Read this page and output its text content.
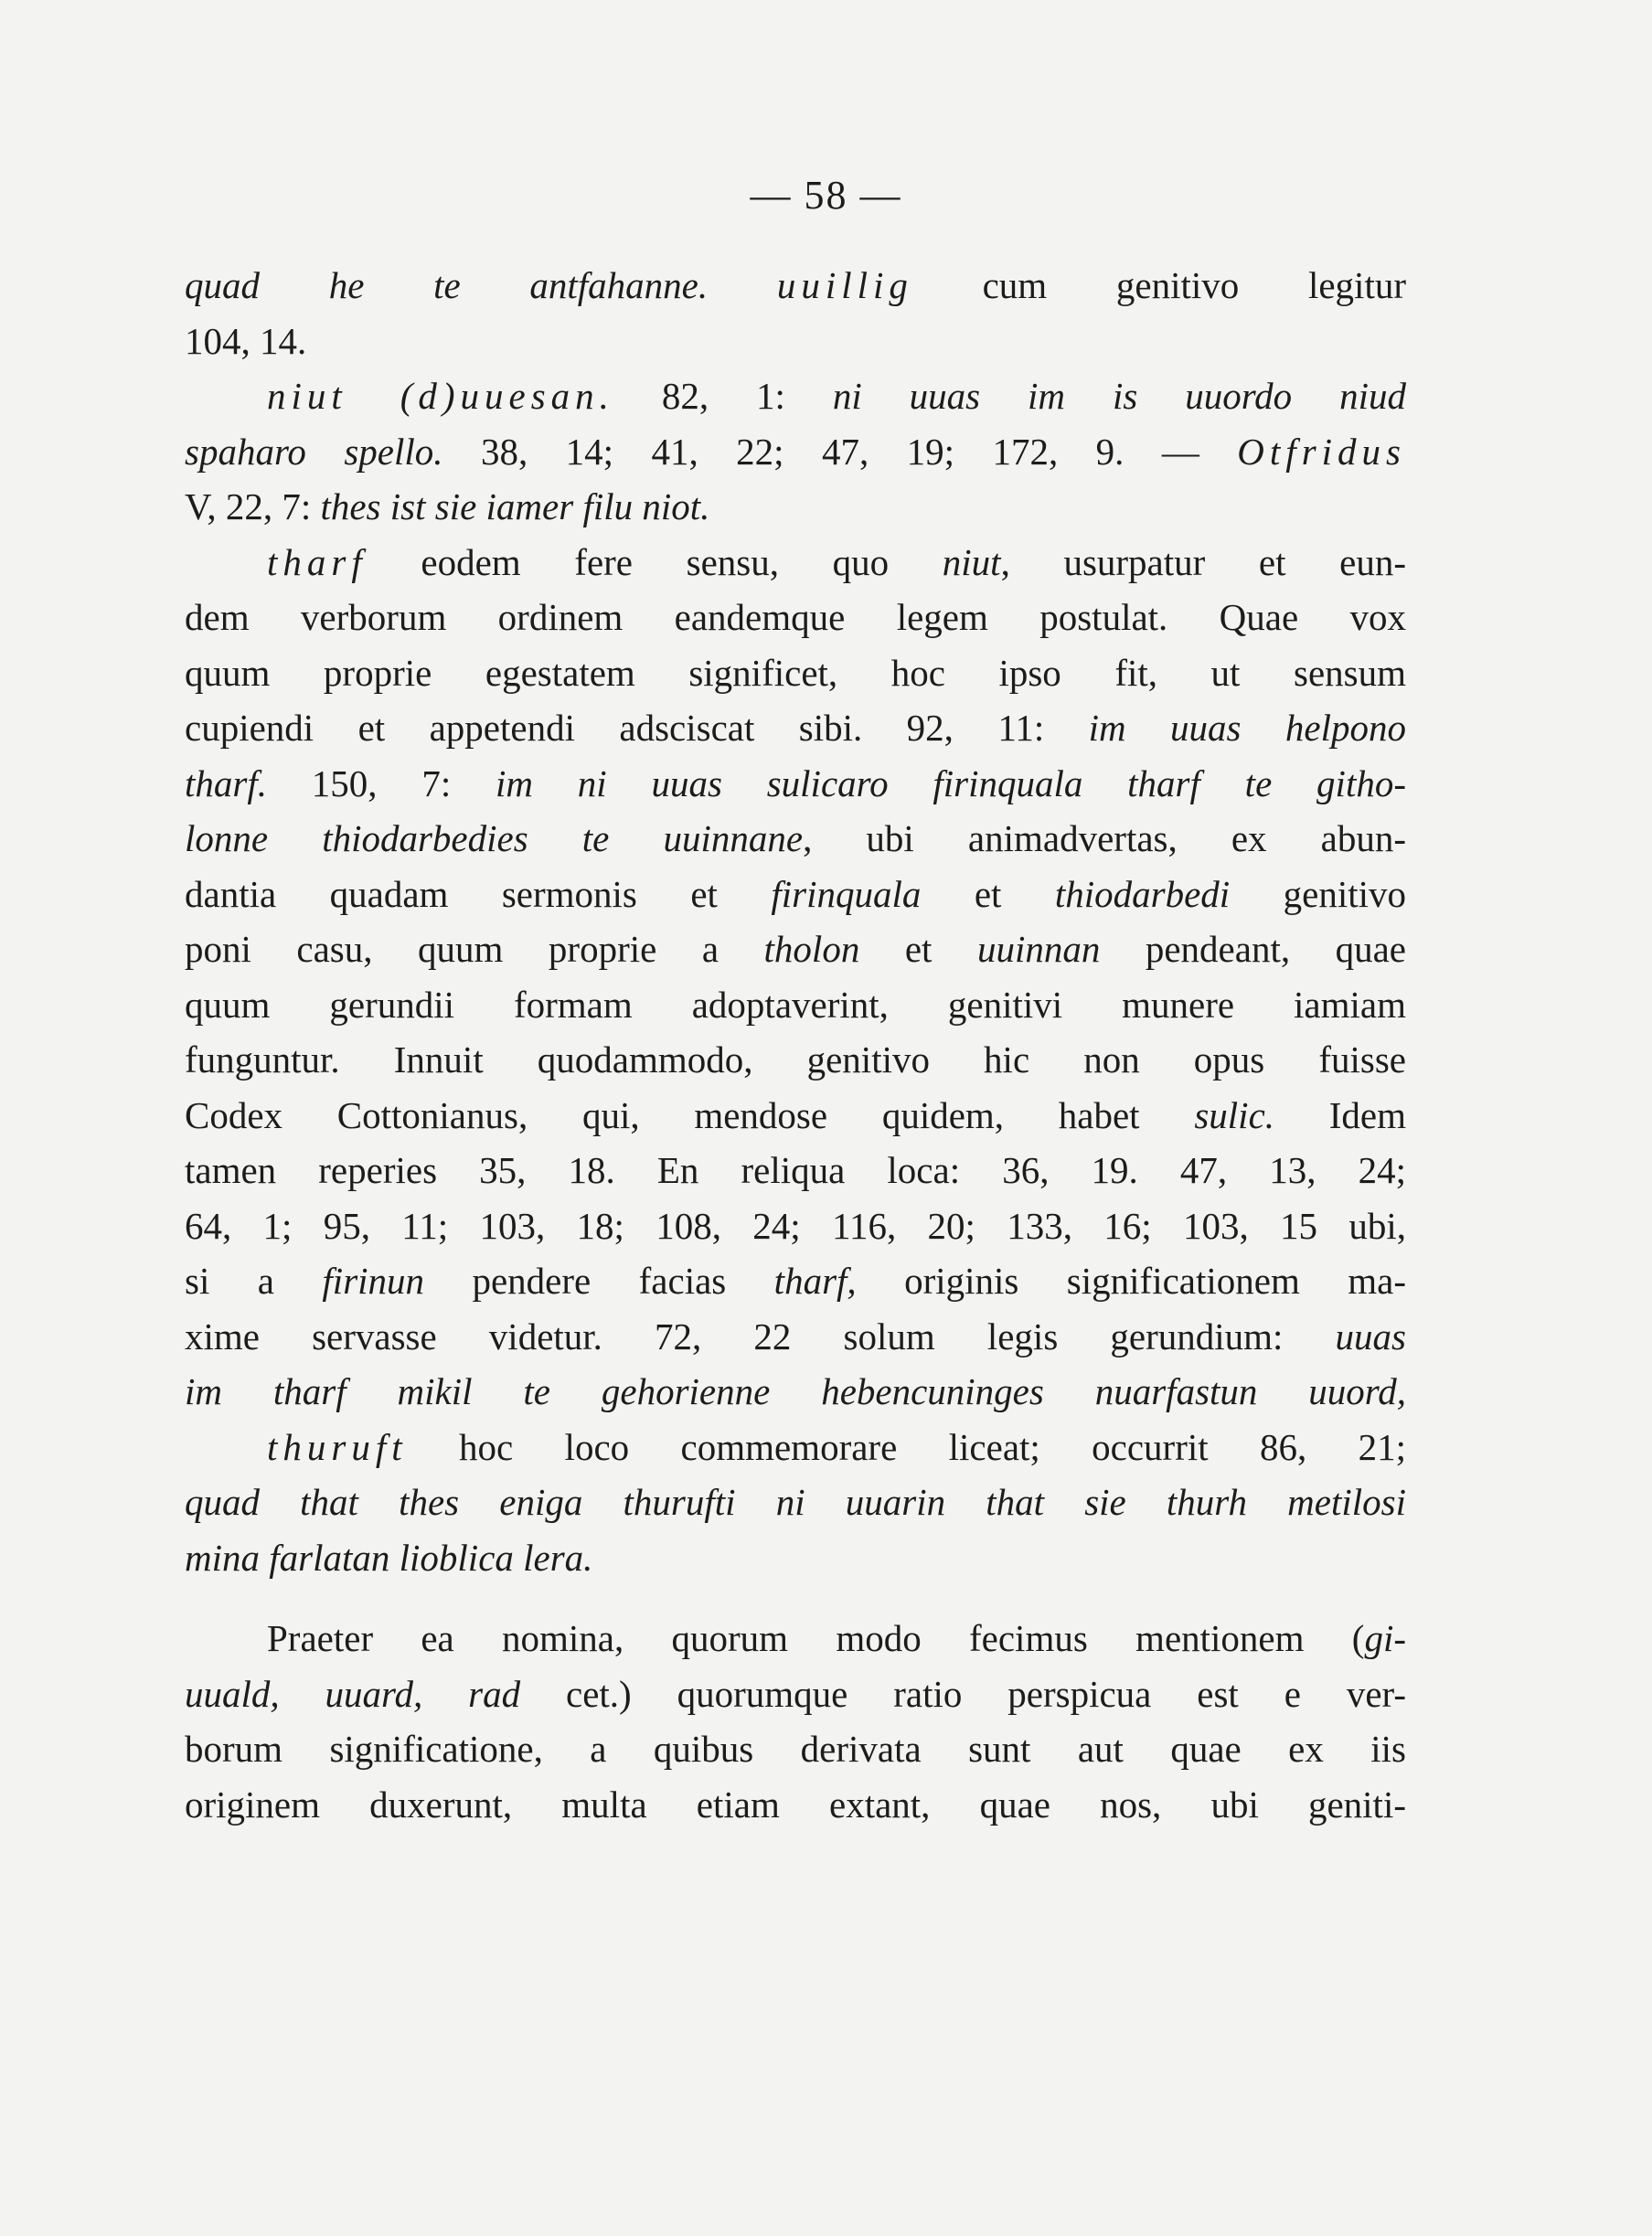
— 58 —
quad he te antfahanne. uuillig cum genitivo legitur
104, 14.
niut (d)uuesan. 82, 1: ni uuas im is uuordo niud
spaharo spello. 38, 14; 41, 22; 47, 19; 172, 9. — Otfridus
V, 22, 7: thes ist sie iamer filu niot.
tharf eodem fere sensu, quo niut, usurpatur et eun-
dem verborum ordinem eandemque legem postulat. Quae vox
quum proprie egestatem significet, hoc ipso fit, ut sensum
cupiendi et appetendi adsciscat sibi. 92, 11: im uuas helpono
tharf. 150, 7: im ni uuas sulicaro firinquala tharf te githo-
lonne thiodarbedies te uuinnane, ubi animadvertas, ex abun-
dantia quadam sermonis et firinquala et thiodarbedi genitivo
poni casu, quum proprie a tholon et uuinnan pendeant, quae
quum gerundii formam adoptaverint, genitivi munere iamiam
funguntur. Innuit quodammodo, genitivo hic non opus fuisse
Codex Cottonianus, qui, mendose quidem, habet sulic. Idem
tamen reperies 35, 18. En reliqua loca: 36, 19. 47, 13, 24;
64, 1; 95, 11; 103, 18; 108, 24; 116, 20; 133, 16; 103, 15 ubi,
si a firinun pendere facias tharf, originis significationem ma-
xime servasse videtur. 72, 22 solum legis gerundium: uuas
im tharf mikil te gehorienne hebencuninges nuarfastun uuord,
thuruft hoc loco commemorare liceat; occurrit 86, 21;
quad that thes eniga thurufti ni uuarin that sie thurh metilosi
mina farlatan lioblica lera.
Praeter ea nomina, quorum modo fecimus mentionem (gi-
uuald, uuard, rad cet.) quorumque ratio perspicua est e ver-
borum significatione, a quibus derivata sunt aut quae ex iis
originem duxerunt, multa etiam extant, quae nos, ubi geniti-
